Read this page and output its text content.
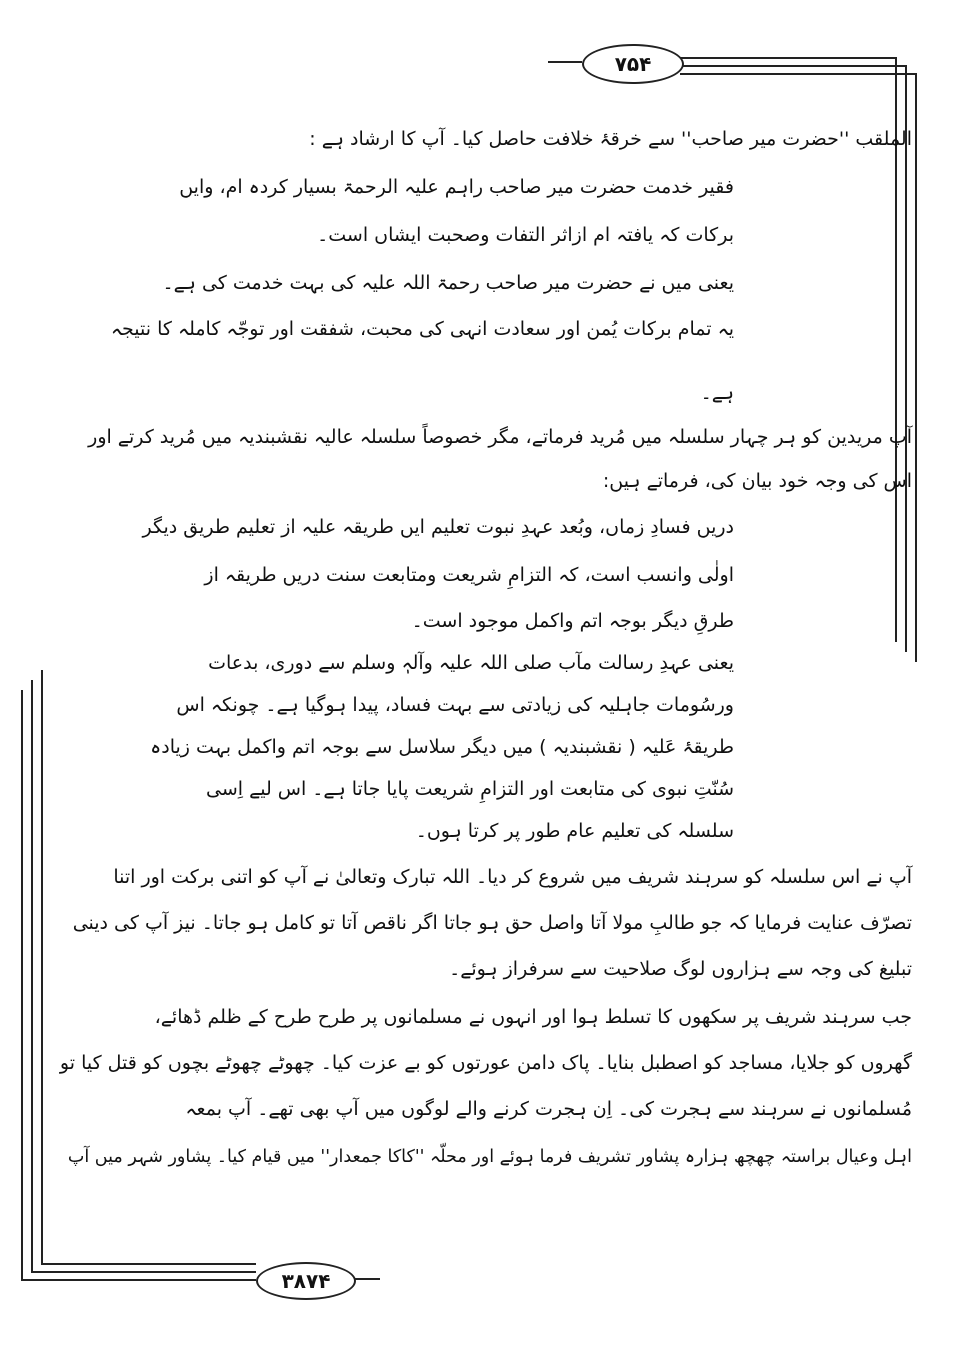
۷۵۴
۳۸۷۴
الملقب ''حضرت میر صاحب'' سے خرقۂ خلافت حاصل کیا۔ آپ کا ارشاد ہے :
فقیر خدمت حضرت میر صاحب راہم علیہ الرحمۃ بسیار کردہ ام، وایں
برکات کہ یافتہ ام ازاثر التفات وصحبت ایشاں است۔
یعنی میں نے حضرت میر صاحب رحمۃ اللہ علیہ کی بہت خدمت کی ہے۔
یہ تمام برکات یُمن اور سعادت انہی کی محبت، شفقت اور توجّہ کاملہ کا نتیجہ
ہے۔
آپ مریدین کو ہر چہار سلسلہ میں مُرید فرماتے، مگر خصوصاً سلسلہ عالیہ نقشبندیہ میں مُرید کرتے اور
اس کی وجہ خود بیان کی، فرماتے ہیں:
دریں فسادِ زماں، وبُعد عہدِ نبوت تعلیم ایں طریقہ علیہ از تعلیم طریق دیگر
اولٰی وانسب است، کہ التزامِ شریعت ومتابعت سنت دریں طریقہ از
طرقِ دیگر بوجہ اتم واکمل موجود است۔
یعنی عہدِ رسالت مآب صلی اللہ علیہ وآلہٖ وسلم سے دوری، بدعات
ورسُومات جاہلیہ کی زیادتی سے بہت فساد، پیدا ہوگیا ہے۔ چونکہ اس
طریقۂ عَلیہ ( نقشبندیہ ) میں دیگر سلاسل سے بوجہ اتم واکمل بہت زیادہ
سُنّتِ نبوی کی متابعت اور التزامِ شریعت پایا جاتا ہے۔ اس لیے اِسی
سلسلہ کی تعلیم عام طور پر کرتا ہوں۔
آپ نے اس سلسلہ کو سرہند شریف میں شروع کر دیا۔ اللہ تبارک وتعالیٰ نے آپ کو اتنی برکت اور اتنا
تصرّف عنایت فرمایا کہ جو طالبِ مولا آتا واصل حق ہو جاتا اگر ناقص آتا تو کامل ہو جاتا۔ نیز آپ کی دینی
تبلیغ کی وجہ سے ہزاروں لوگ صلاحیت سے سرفراز ہوئے۔
جب سرہند شریف پر سکھوں کا تسلط ہوا اور انہوں نے مسلمانوں پر طرح طرح کے ظلم ڈھائے،
گھروں کو جلایا، مساجد کو اصطبل بنایا۔ پاک دامن عورتوں کو بے عزت کیا۔ چھوٹے چھوٹے بچوں کو قتل کیا تو
مُسلمانوں نے سرہند سے ہجرت کی۔ اِن ہجرت کرنے والے لوگوں میں آپ بھی تھے۔ آپ بمعہ
اہل وعیال براستہ چھچھ ہزارہ پشاور تشریف فرما ہوئے اور محلّہ ''کاکا جمعدار'' میں قیام کیا۔ پشاور شہر میں آپ
